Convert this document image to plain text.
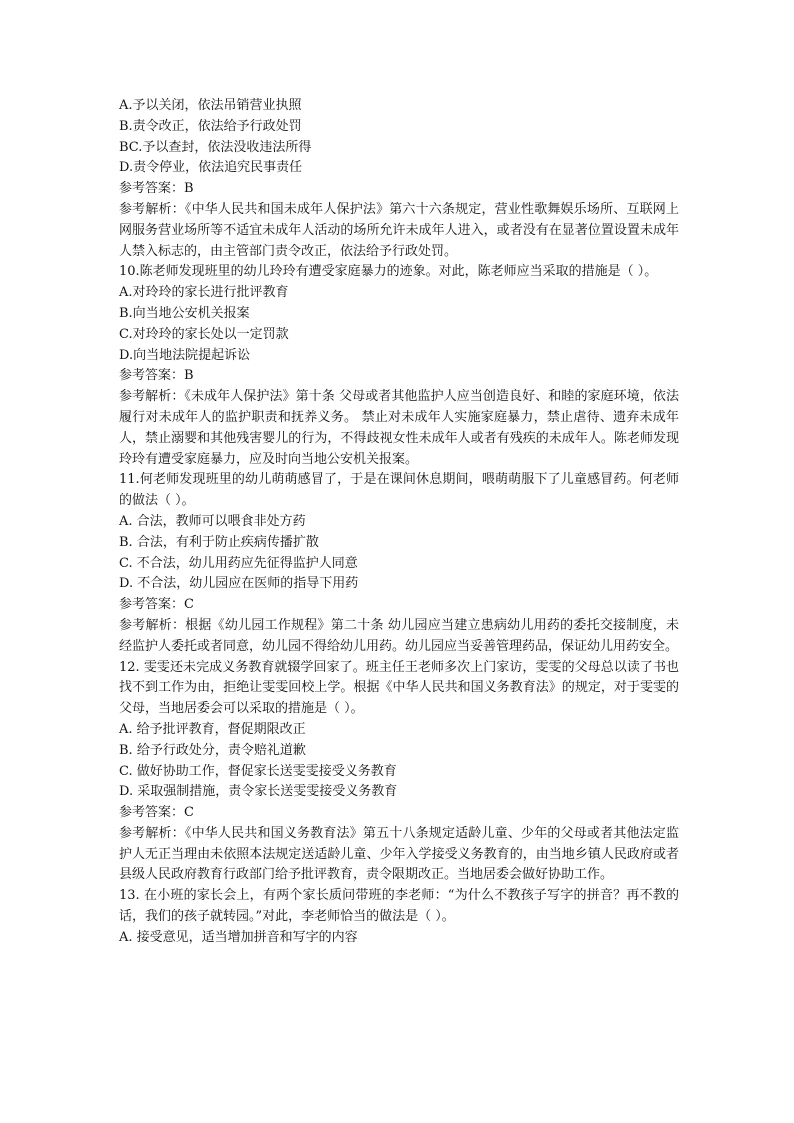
A.予以关闭，依法吊销营业执照
B.责令改正，依法给予行政处罚
BC.予以查封，依法没收违法所得
D.责令停业，依法追究民事责任
参考答案：B
参考解析：《中华人民共和国未成年人保护法》第六十六条规定，营业性歌舞娱乐场所、互联网上网服务营业场所等不适宜未成年人活动的场所允许未成年人进入，或者没有在显著位置设置未成年人禁入标志的，由主管部门责令改正，依法给予行政处罚。
10.陈老师发现班里的幼儿玲玲有遭受家庭暴力的迹象。对此，陈老师应当采取的措施是（ ）。
A.对玲玲的家长进行批评教育
B.向当地公安机关报案
C.对玲玲的家长处以一定罚款
D.向当地法院提起诉讼
参考答案：B
参考解析：《未成年人保护法》第十条 父母或者其他监护人应当创造良好、和睦的家庭环境，依法履行对未成年人的监护职责和抚养义务。 禁止对未成年人实施家庭暴力，禁止虐待、遗弃未成年人，禁止溺婴和其他残害婴儿的行为，不得歧视女性未成年人或者有残疾的未成年人。陈老师发现玲玲有遭受家庭暴力，应及时向当地公安机关报案。
11.何老师发现班里的幼儿萌萌感冒了，于是在课间休息期间，喂萌萌服下了儿童感冒药。何老师的做法（ ）。
A. 合法，教师可以喂食非处方药
B. 合法，有利于防止疾病传播扩散
C. 不合法，幼儿用药应先征得监护人同意
D. 不合法，幼儿园应在医师的指导下用药
参考答案：C
参考解析：根据《幼儿园工作规程》第二十条 幼儿园应当建立患病幼儿用药的委托交接制度，未经监护人委托或者同意，幼儿园不得给幼儿用药。幼儿园应当妥善管理药品，保证幼儿用药安全。
12. 雯雯还未完成义务教育就辍学回家了。班主任王老师多次上门家访，雯雯的父母总以读了书也找不到工作为由，拒绝让雯雯回校上学。根据《中华人民共和国义务教育法》的规定，对于雯雯的父母，当地居委会可以采取的措施是（ ）。
A. 给予批评教育，督促期限改正
B. 给予行政处分，责令赔礼道歉
C. 做好协助工作，督促家长送雯雯接受义务教育
D. 采取强制措施，责令家长送雯雯接受义务教育
参考答案：C
参考解析：《中华人民共和国义务教育法》第五十八条规定适龄儿童、少年的父母或者其他法定监护人无正当理由未依照本法规定送适龄儿童、少年入学接受义务教育的，由当地乡镇人民政府或者县级人民政府教育行政部门给予批评教育，责令限期改正。当地居委会做好协助工作。
13. 在小班的家长会上，有两个家长质问带班的李老师：“为什么不教孩子写字的拼音？再不教的话，我们的孩子就转园。”对此，李老师恰当的做法是（ ）。
A. 接受意见，适当增加拼音和写字的内容
